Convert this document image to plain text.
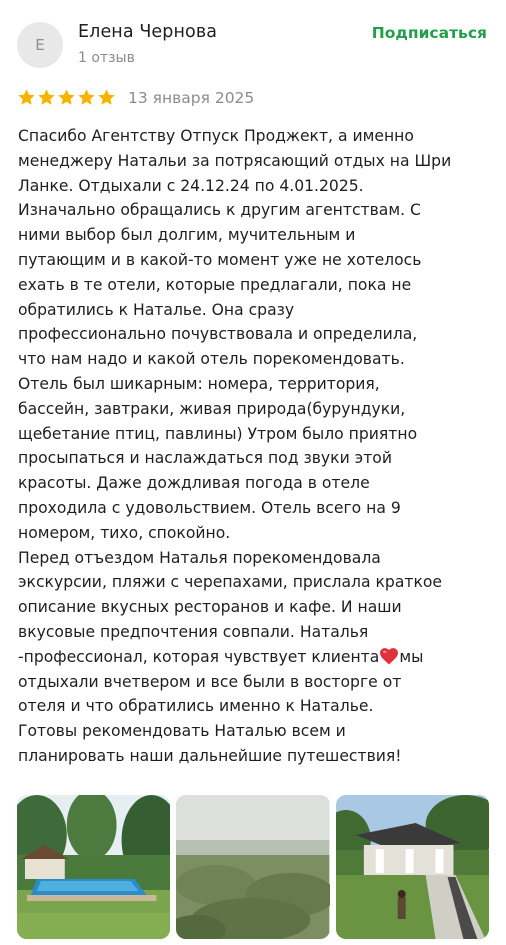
Е
Елена Чернова
1 отзыв
Подписаться
13 января 2025
Спасибо Агентству Отпуск Проджект, а именно
менеджеру Натальи за потрясающий отдых на Шри
Ланке. Отдыхали с 24.12.24 по 4.01.2025.
Изначально обращались к другим агентствам. С
ними выбор был долгим, мучительным и
путающим и в какой-то момент уже не хотелось
ехать в те отели, которые предлагали, пока не
обратились к Наталье. Она сразу
профессионально почувствовала и определила,
что нам надо и какой отель порекомендовать.
Отель был шикарным: номера, территория,
бассейн, завтраки, живая природа(бурундуки,
щебетание птиц, павлины) Утром было приятно
просыпаться и наслаждаться под звуки этой
красоты. Даже дождливая погода в отеле
проходила с удовольствием. Отель всего на 9
номером, тихо, спокойно.
Перед отъездом Наталья порекомендовала
экскурсии, пляжи с черепахами, прислала краткое
описание вкусных ресторанов и кафе. И наши
вкусовые предпочтения совпали. Наталья
-профессионал, которая чувствует клиента мы
отдыхали вчетвером и все были в восторге от
отеля и что обратились именно к Наталье.
Готовы рекомендовать Наталью всем и
планировать наши дальнейшие путешествия!
